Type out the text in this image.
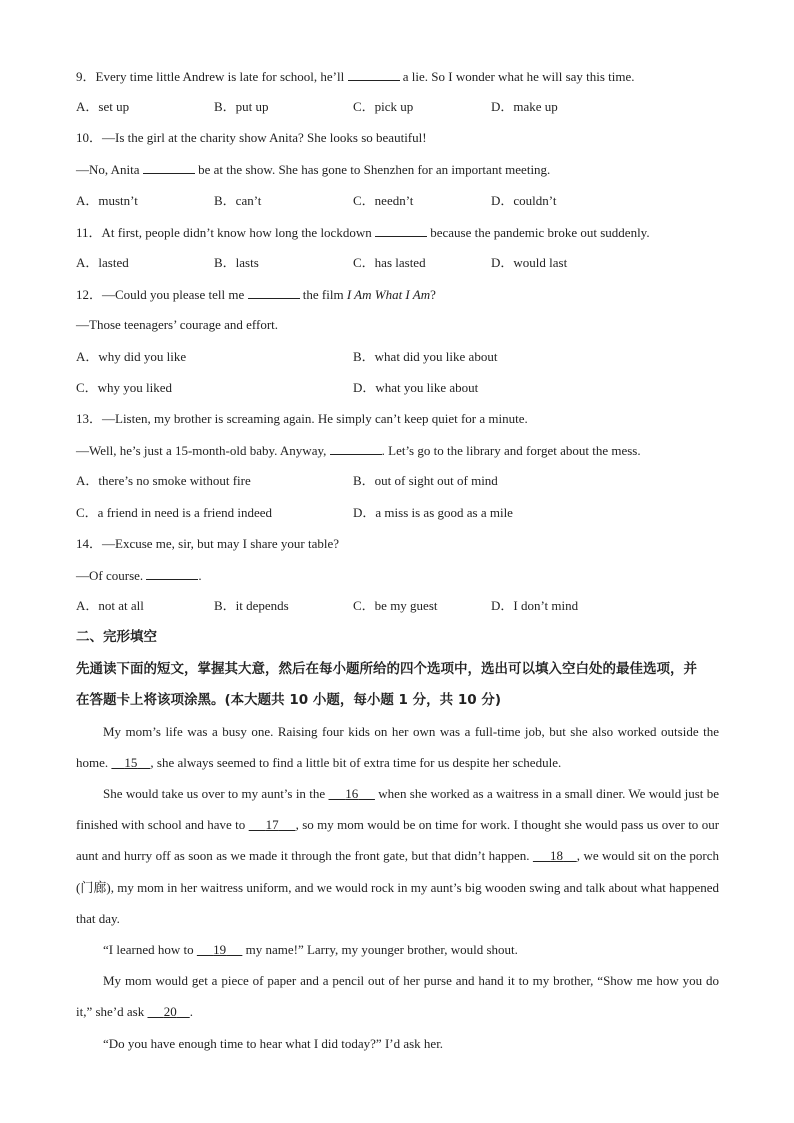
9．Every time little Andrew is late for school, he’ll	a lie. So I wonder what he will say this time.
A．set up	B．put up	C．pick up	D．make up
10．—Is the girl at the charity show Anita? She looks so beautiful!
—No, Anita	be at the show. She has gone to Shenzhen for an important meeting.
A．mustn’t	B．can’t	C．needn’t	D．couldn’t
11．At first, people didn’t know how long the lockdown	because the pandemic broke out suddenly.
A．lasted	B．lasts	C．has lasted	D．would last
12．—Could you please tell me	the film I Am What I Am?
—Those teenagers’ courage and effort.
A．why did you like	B．what did you like about
C．why you liked	D．what you like about
13．—Listen, my brother is screaming again. He simply can’t keep quiet for a minute.
—Well, he’s just a 15-month-old baby. Anyway,	. Let’s go to the library and forget about the mess.
A．there’s no smoke without fire	B．out of sight out of mind
C．a friend in need is a friend indeed	D．a miss is as good as a mile
14．—Excuse me, sir, but may I share your table?
—Of course.	.
A．not at all	B．it depends	C．be my guest	D．I don’t mind
二、完形填空
先通读下面的短文，掌握其大意，然后在每小题所给的四个选项中，选出可以填入空白处的最佳选项，并
在答题卡上将该项涂黑。(本大题共 10 小题，每小题 1 分，共 10 分)
My mom’s life was a busy one. Raising four kids on her own was a full-time job, but she also worked outside the home.     15 , she always seemed to find a little bit of extra time for us despite her schedule.
She would take us over to my aunt’s in the      16      when she worked as a waitress in a small diner. We would just be finished with school and have to      17 , so my mom would be on time for work. I thought she would pass us over to our aunt and hurry off as soon as we made it through the front gate, but that didn’t happen.      18 , we would sit on the porch (门廊), my mom in her waitress uniform, and we would rock in my aunt’s big wooden swing and talk about what happened that day.
“I learned how to      19      my name!” Larry, my younger brother, would shout.
My mom would get a piece of paper and a pencil out of her purse and hand it to my brother, “Show me how you do it,” she’d ask      20 .
“Do you have enough time to hear what I did today?” I’d ask her.
